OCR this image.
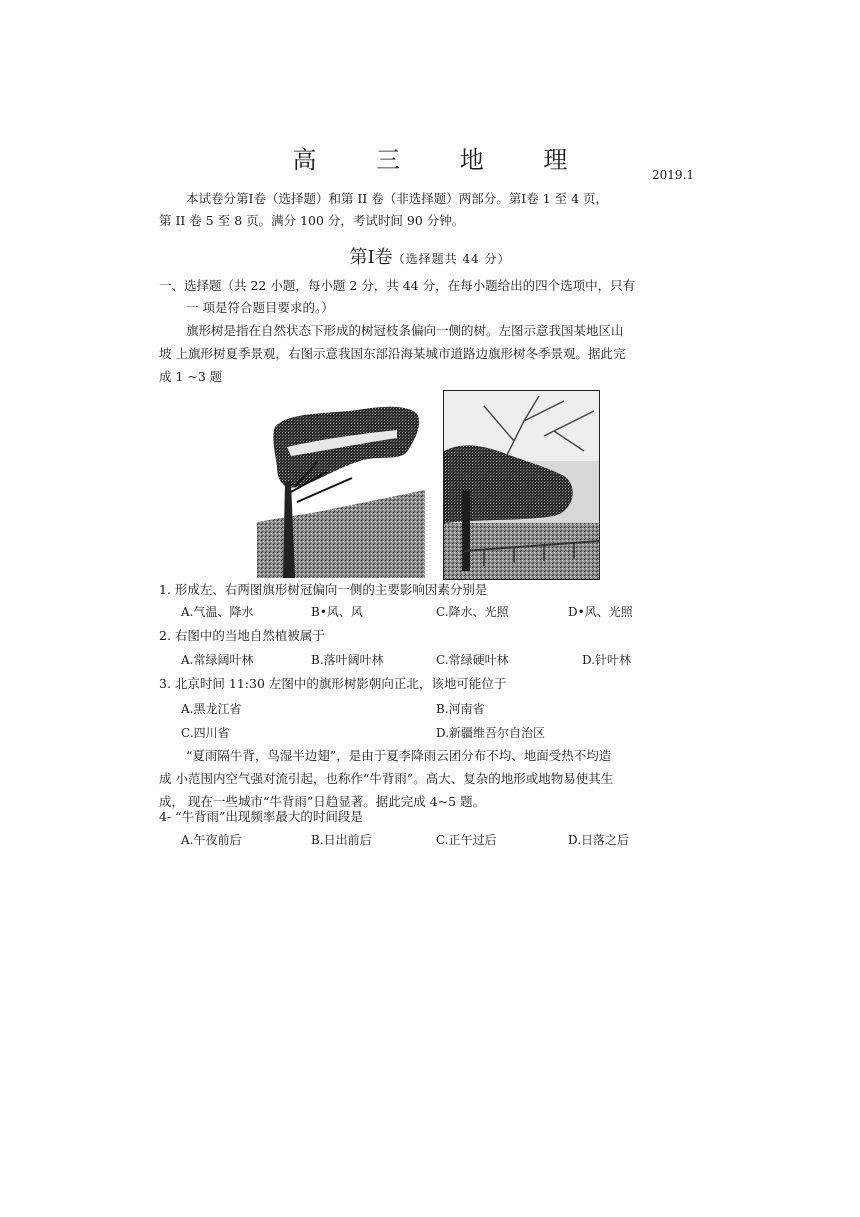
高 三 地 理
2019.1
本试卷分第Ⅰ卷（选择题）和第 II 卷（非选择题）两部分。第Ⅰ卷 1 至 4 页，
第 II 卷 5 至 8 页。满分 100 分，考试时间 90 分钟。
第Ⅰ卷（选择题共 44 分）
一、选择题（共 22 小题，每小题 2 分，共 44 分，在每小题给出的四个选项中，只有
一 项是符合题目要求的。）
旗形树是指在自然状态下形成的树冠枝条偏向一侧的树。左图示意我国某地区山
坡 上旗形树夏季景观，右图示意我国东部沿海某城市道路边旗形树冬季景观。据此完
成 1 ~3 题
1. 形成左、右两图旗形树冠偏向一侧的主要影响因素分别是
A.气温、降水	B•风、风	C.降水、光照	D•风、光照
2. 右图中的当地自然植被属于
A.常绿阔叶林	B.落叶阔叶林	C.常绿硬叶林	D.针叶林
3. 北京时间 11:30 左图中的旗形树影朝向正北，该地可能位于
A.黑龙江省	B.河南省
C.四川省	D.新疆维吾尔自治区
“夏雨隔牛背，鸟湿半边翅”，是由于夏李降雨云团分布不均、地面受热不均造
成 小范围内空气强对流引起，也称作“牛背雨”。高大、复杂的地形或地物易使其生
成， 现在一些城市“牛背雨”日趋显著。据此完成 4~5 题。
4- “牛背雨”出现频率最大的时间段是
A.午夜前后	B.日出前后	C.正午过后	D.日落之后
